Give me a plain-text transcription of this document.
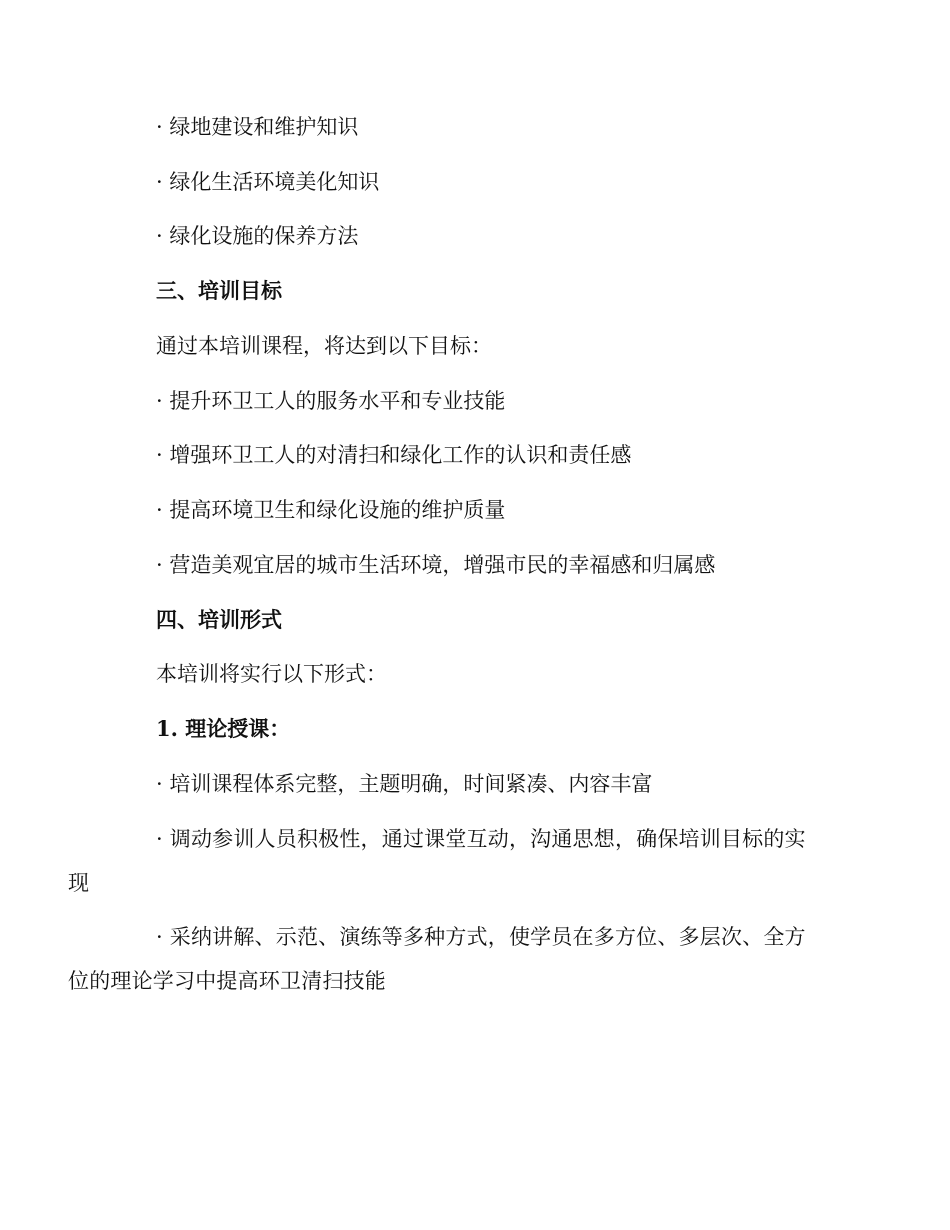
· 绿地建设和维护知识
· 绿化生活环境美化知识
· 绿化设施的保养方法
三、培训目标
通过本培训课程，将达到以下目标：
· 提升环卫工人的服务水平和专业技能
· 增强环卫工人的对清扫和绿化工作的认识和责任感
· 提高环境卫生和绿化设施的维护质量
· 营造美观宜居的城市生活环境，增强市民的幸福感和归属感
四、培训形式
本培训将实行以下形式：
1. 理论授课：
· 培训课程体系完整，主题明确，时间紧凑、内容丰富
· 调动参训人员积极性，通过课堂互动，沟通思想，确保培训目标的实
现
· 采纳讲解、示范、演练等多种方式，使学员在多方位、多层次、全方
位的理论学习中提高环卫清扫技能
